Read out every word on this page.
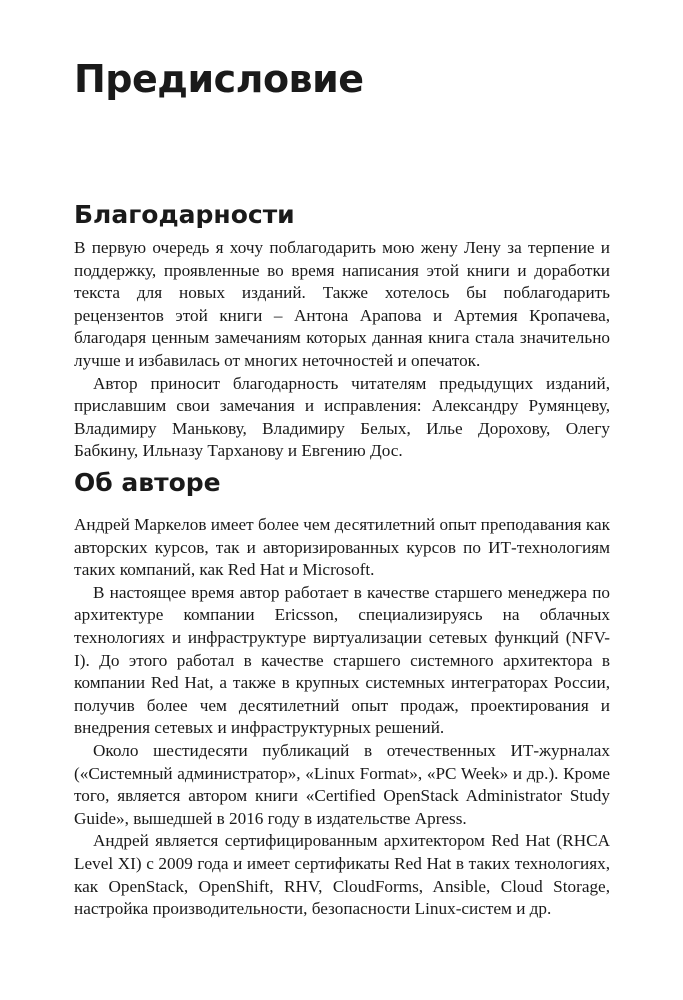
Предисловие
Благодарности

В первую очередь я хочу поблагодарить мою жену Лену за терпение и поддержку, проявленные во время написания этой книги и доработки текста для новых изданий. Также хотелось бы поблагодарить рецензентов этой книги – Антона Арапова и Артемия Кропачева, благодаря ценным замечаниям которых данная книга стала значительно лучше и избавилась от многих неточностей и опечаток.

Автор приносит благодарность читателям предыдущих изданий, приславшим свои замечания и исправления: Александру Румянцеву, Владимиру Манькову, Владимиру Белых, Илье Дорохову, Олегу Бабкину, Ильназу Тарханову и Евгению Дос.

Об авторе

Андрей Маркелов имеет более чем десятилетний опыт преподавания как авторских курсов, так и авторизированных курсов по ИТ-технологиям таких компаний, как Red Hat и Microsoft.

В настоящее время автор работает в качестве старшего менеджера по архитектуре компании Ericsson, специализируясь на облачных технологиях и инфраструктуре виртуализации сетевых функций (NFV-I). До этого работал в качестве старшего системного архитектора в компании Red Hat, а также в крупных системных интеграторах России, получив более чем десятилетний опыт продаж, проектирования и внедрения сетевых и инфраструктурных решений.

Около шестидесяти публикаций в отечественных ИТ-журналах («Системный администратор», «Linux Format», «PC Week» и др.). Кроме того, является автором книги «Certified OpenStack Administrator Study Guide», вышедшей в 2016 году в издательстве Apress.

Андрей является сертифицированным архитектором Red Hat (RHCA Level XI) с 2009 года и имеет сертификаты Red Hat в таких технологиях, как OpenStack, OpenShift, RHV, CloudForms, Ansible, Cloud Storage, настройка производительности, безопасности Linux-систем и др.
